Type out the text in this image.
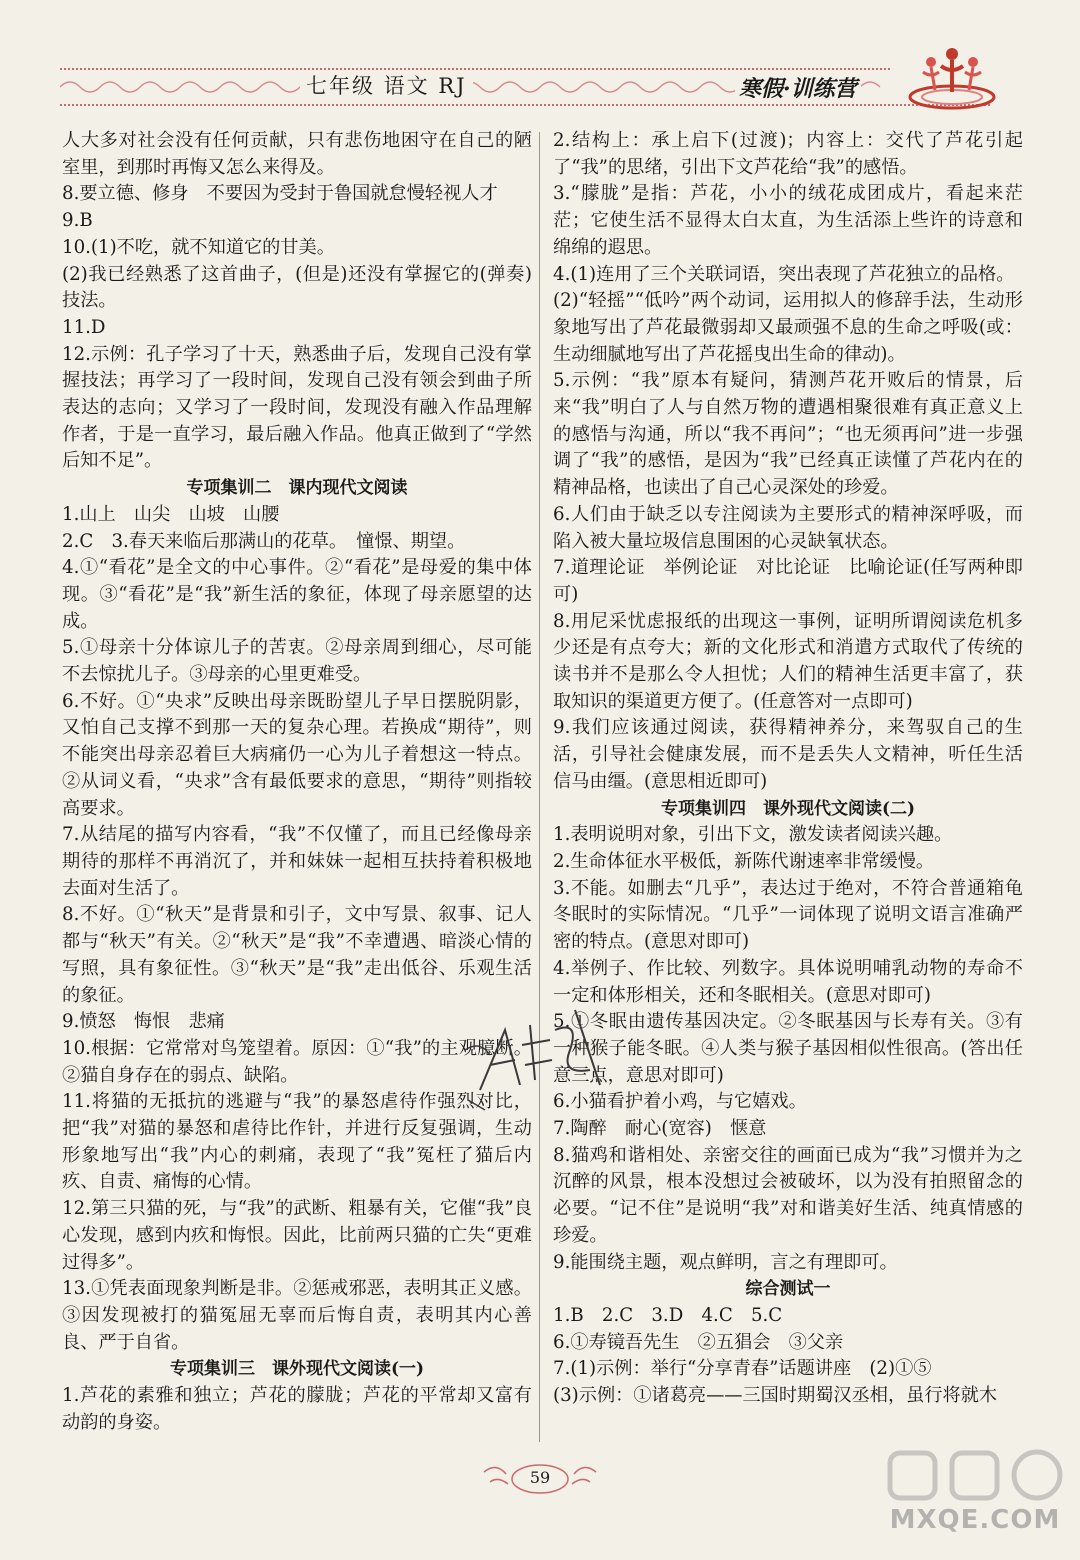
七年级 语文 RJ	寒假·训练营

人大多对社会没有任何贡献，只有悲伤地困守在自己的陋室里，到那时再悔又怎么来得及。

8.要立德、修身　不要因为受封于鲁国就怠慢轻视人才

9.B

10.(1)不吃，就不知道它的甘美。

(2)我已经熟悉了这首曲子，(但是)还没有掌握它的(弹奏)技法。

11.D

12.示例：孔子学习了十天，熟悉曲子后，发现自己没有掌握技法；再学习了一段时间，发现自己没有领会到曲子所表达的志向；又学习了一段时间，发现没有融入作品理解作者，于是一直学习，最后融入作品。他真正做到了“学然后知不足”。

专项集训二　课内现代文阅读

1.山上　山尖　山坡　山腰

2.C　3.春天来临后那满山的花草。　憧憬、期望。

4.①“看花”是全文的中心事件。②“看花”是母爱的集中体现。③“看花”是“我”新生活的象征，体现了母亲愿望的达成。

5.①母亲十分体谅儿子的苦衷。②母亲周到细心，尽可能不去惊扰儿子。③母亲的心里更难受。

6.不好。①“央求”反映出母亲既盼望儿子早日摆脱阴影，又怕自己支撑不到那一天的复杂心理。若换成“期待”，则不能突出母亲忍着巨大病痛仍一心为儿子着想这一特点。②从词义看，“央求”含有最低要求的意思，“期待”则指较高要求。

7.从结尾的描写内容看，“我”不仅懂了，而且已经像母亲期待的那样不再消沉了，并和妹妹一起相互扶持着积极地去面对生活了。

8.不好。①“秋天”是背景和引子，文中写景、叙事、记人都与“秋天”有关。②“秋天”是“我”不幸遭遇、暗淡心情的写照，具有象征性。③“秋天”是“我”走出低谷、乐观生活的象征。

9.愤怒　悔恨　悲痛

10.根据：它常常对鸟笼望着。原因：①“我”的主观臆断。②猫自身存在的弱点、缺陷。

11.将猫的无抵抗的逃避与“我”的暴怒虐待作强烈对比，把“我”对猫的暴怒和虐待比作针，并进行反复强调，生动形象地写出“我”内心的刺痛，表现了“我”冤枉了猫后内疚、自责、痛悔的心情。

12.第三只猫的死，与“我”的武断、粗暴有关，它催“我”良心发现，感到内疚和悔恨。因此，比前两只猫的亡失“更难过得多”。

13.①凭表面现象判断是非。②惩戒邪恶，表明其正义感。③因发现被打的猫冤屈无辜而后悔自责，表明其内心善良、严于自省。

专项集训三　课外现代文阅读(一)

1.芦花的素雅和独立；芦花的朦胧；芦花的平常却又富有动韵的身姿。

2.结构上：承上启下(过渡)；内容上：交代了芦花引起了“我”的思绪，引出下文芦花给“我”的感悟。

3.“朦胧”是指：芦花，小小的绒花成团成片，看起来茫茫；它使生活不显得太白太直，为生活添上些许的诗意和绵绵的遐思。

4.(1)连用了三个关联词语，突出表现了芦花独立的品格。

(2)“轻摇”“低吟”两个动词，运用拟人的修辞手法，生动形象地写出了芦花最微弱却又最顽强不息的生命之呼吸(或：生动细腻地写出了芦花摇曳出生命的律动)。

5.示例：“我”原本有疑问，猜测芦花开败后的情景，后来“我”明白了人与自然万物的遭遇相聚很难有真正意义上的感悟与沟通，所以“我不再问”；“也无须再问”进一步强调了“我”的感悟，是因为“我”已经真正读懂了芦花内在的精神品格，也读出了自己心灵深处的珍爱。

6.人们由于缺乏以专注阅读为主要形式的精神深呼吸，而陷入被大量垃圾信息围困的心灵缺氧状态。

7.道理论证　举例论证　对比论证　比喻论证(任写两种即可)

8.用尼采忧虑报纸的出现这一事例，证明所谓阅读危机多少还是有点夸大；新的文化形式和消遣方式取代了传统的读书并不是那么令人担忧；人们的精神生活更丰富了，获取知识的渠道更方便了。(任意答对一点即可)

9.我们应该通过阅读，获得精神养分，来驾驭自己的生活，引导社会健康发展，而不是丢失人文精神，听任生活信马由缰。(意思相近即可)

专项集训四　课外现代文阅读(二)

1.表明说明对象，引出下文，激发读者阅读兴趣。

2.生命体征水平极低，新陈代谢速率非常缓慢。

3.不能。如删去“几乎”，表达过于绝对，不符合普通箱龟冬眠时的实际情况。“几乎”一词体现了说明文语言准确严密的特点。(意思对即可)

4.举例子、作比较、列数字。具体说明哺乳动物的寿命不一定和体形相关，还和冬眠相关。(意思对即可)

5.①冬眠由遗传基因决定。②冬眠基因与长寿有关。③有一种猴子能冬眠。④人类与猴子基因相似性很高。(答出任意三点，意思对即可)

6.小猫看护着小鸡，与它嬉戏。

7.陶醉　耐心(宽容)　惬意

8.猫鸡和谐相处、亲密交往的画面已成为“我”习惯并为之沉醉的风景，根本没想过会被破坏，以为没有拍照留念的必要。“记不住”是说明“我”对和谐美好生活、纯真情感的珍爱。

9.能围绕主题，观点鲜明，言之有理即可。

综合测试一

1.B　2.C　3.D　4.C　5.C

6.①寿镜吾先生　②五猖会　③父亲

7.(1)示例：举行“分享青春”话题讲座　(2)①⑤

(3)示例：①诸葛亮——三国时期蜀汉丞相，虽行将就木

59
MXQE.COM
